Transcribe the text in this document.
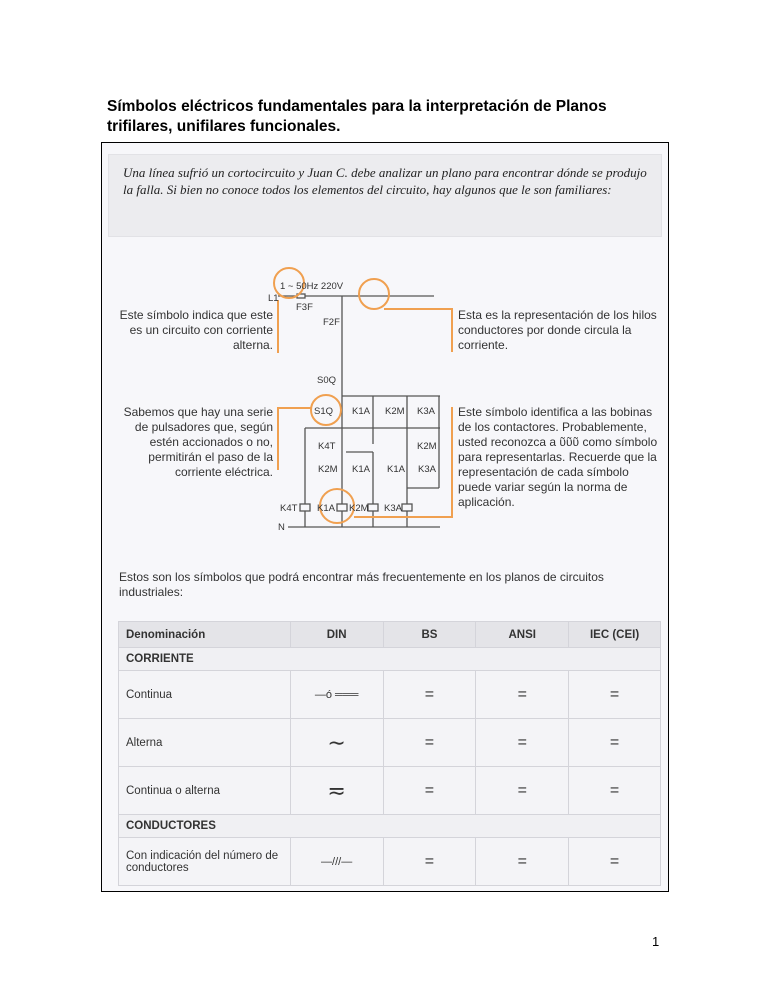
Símbolos eléctricos fundamentales para la interpretación de Planos trifilares, unifilares funcionales.

Una línea sufrió un cortocircuito y Juan C. debe analizar un plano para encontrar dónde se produjo la falla. Si bien no conoce todos los elementos del circuito, hay algunos que le son familiares:

1 ~ 50Hz 220V
L1
F3F
F2F
S0Q
S1Q K1A K2M K3A
K4T	K2M
K2M K1A K1A K3A
K4T K1A K2M K3A
N
Este símbolo indica que este es un circuito con corriente alterna.
Esta es la representación de los hilos conductores por donde circula la corriente.
Sabemos que hay una serie de pulsadores que, según estén accionados o no, permitirán el paso de la corriente eléctrica.
Este símbolo identifica a las bobinas de los contactores. Probablemente, usted reconozca a ῦῦῦ como símbolo para representarlas. Recuerde que la representación de cada símbolo puede variar según la norma de aplicación.
Estos son los símbolos que podrá encontrar más frecuentemente en los planos de circuitos industriales:
Denominación	DIN	BS	ANSI	IEC (CEI)
CORRIENTE				
Continua	—ó ═══	=	=	=
Alterna	∼	=	=	=
Continua o alterna	≂	=	=	=
CONDUCTORES				
Con indicación del número de conductores	—///—	=	=	=
1
